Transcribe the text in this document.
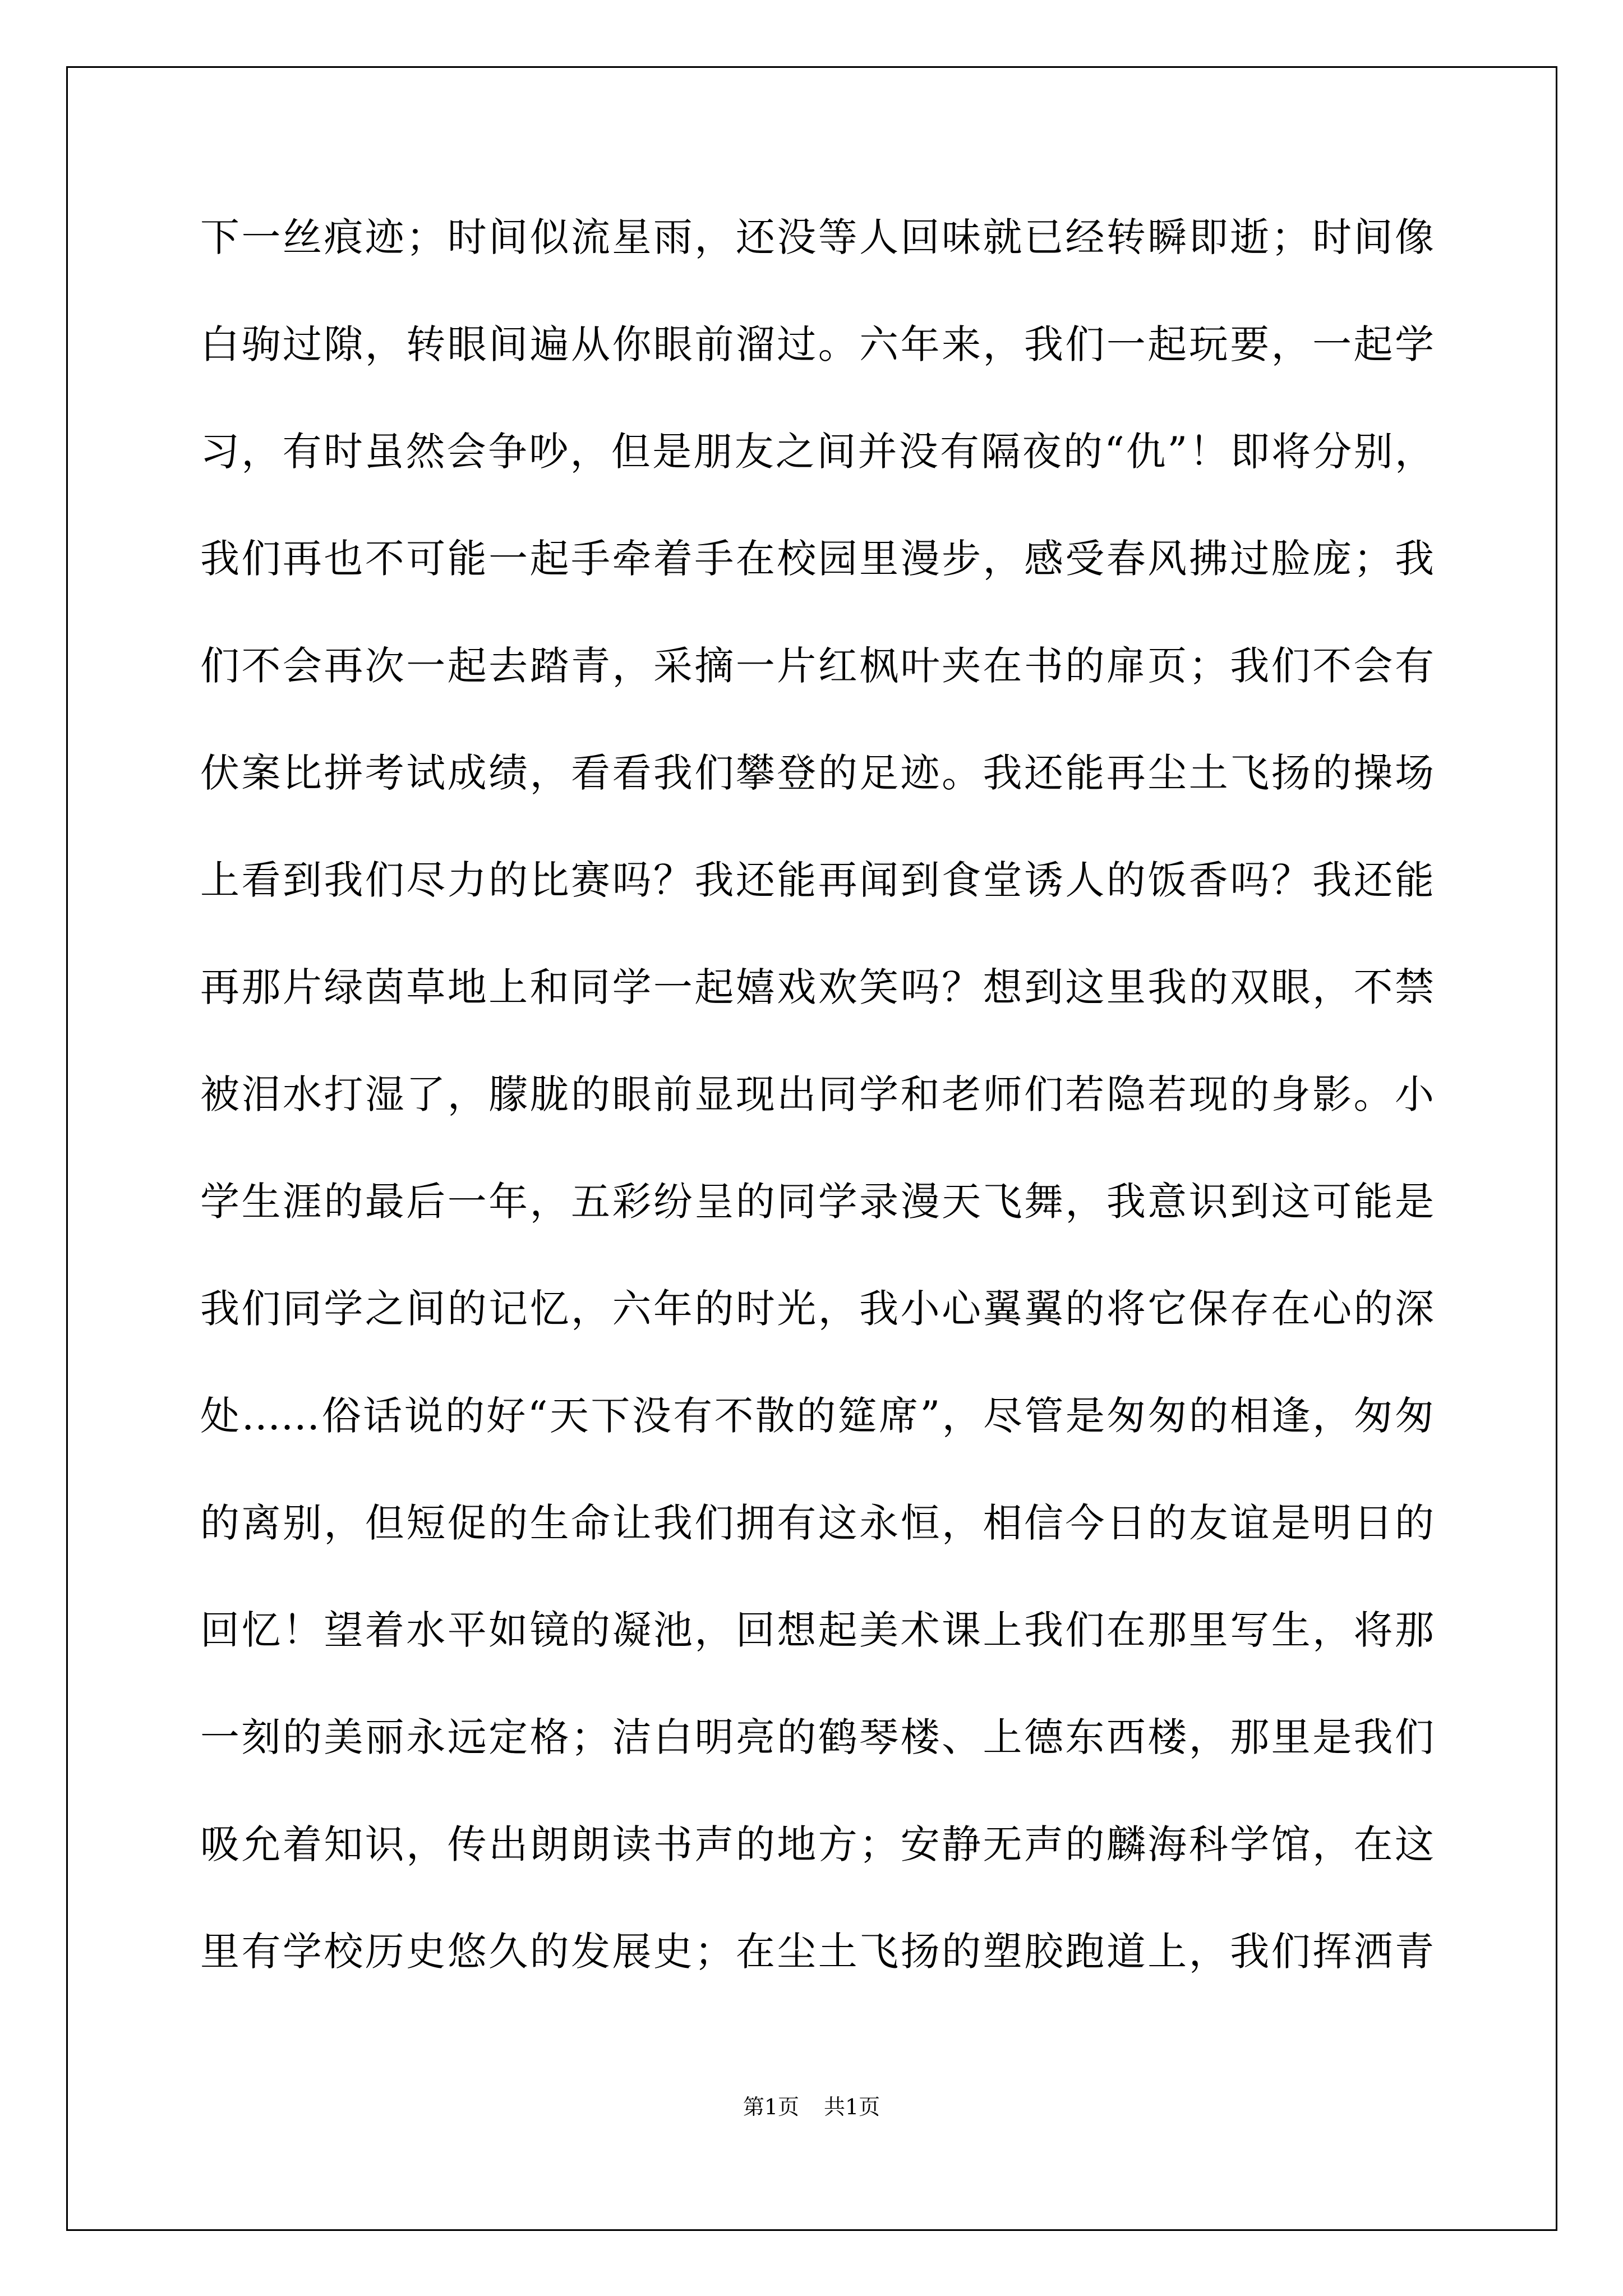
下一丝痕迹；时间似流星雨，还没等人回味就已经转瞬即逝；时间像
白驹过隙，转眼间遍从你眼前溜过。六年来，我们一起玩要，一起学
习，有时虽然会争吵，但是朋友之间并没有隔夜的“仇”！即将分别，
我们再也不可能一起手牵着手在校园里漫步，感受春风拂过脸庞；我
们不会再次一起去踏青，采摘一片红枫叶夹在书的扉页；我们不会有
伏案比拼考试成绩，看看我们攀登的足迹。我还能再尘土飞扬的操场
上看到我们尽力的比赛吗？我还能再闻到食堂诱人的饭香吗？我还能
再那片绿茵草地上和同学一起嬉戏欢笑吗？想到这里我的双眼，不禁
被泪水打湿了，朦胧的眼前显现出同学和老师们若隐若现的身影。小
学生涯的最后一年，五彩纷呈的同学录漫天飞舞，我意识到这可能是
我们同学之间的记忆，六年的时光，我小心翼翼的将它保存在心的深
处……俗话说的好“天下没有不散的筵席”，尽管是匆匆的相逢，匆匆
的离别，但短促的生命让我们拥有这永恒，相信今日的友谊是明日的
回忆！望着水平如镜的凝池，回想起美术课上我们在那里写生，将那
一刻的美丽永远定格；洁白明亮的鹤琴楼、上德东西楼，那里是我们
吸允着知识，传出朗朗读书声的地方；安静无声的麟海科学馆，在这
里有学校历史悠久的发展史；在尘土飞扬的塑胶跑道上，我们挥洒青
第1页 共1页
